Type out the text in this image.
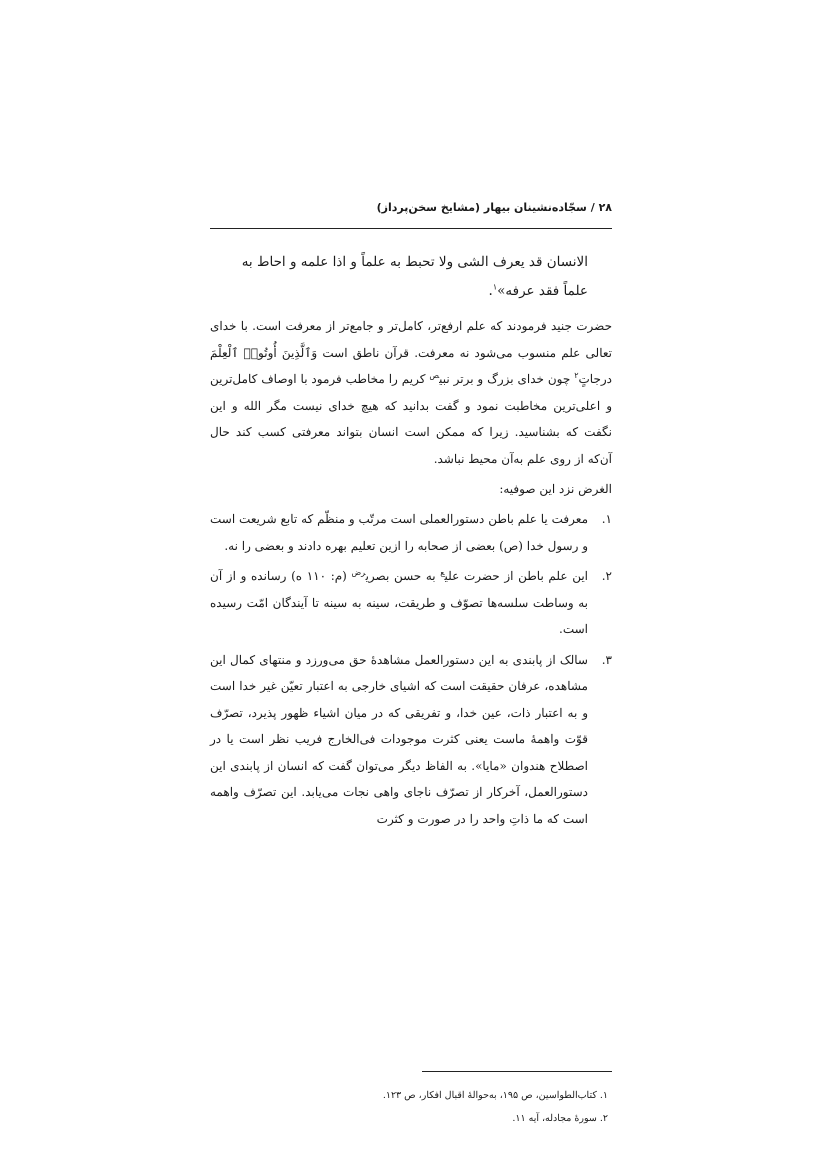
۲۸ / سجّاده‌نشینان بیهار (مشایخ سخن‌پرداز)

الانسان قد یعرف الشی ولا تحبط به علماً و اذا علمه و احاط به

علماً فقد عرفه»$^۱$.

حضرت جنید فرمودند که علم ارفع‌تر، کامل‌تر و جامع‌تر از معرفت است. با خدای تعالی علم منسوب می‌شود نه معرفت. قرآن ناطق است وَٱلَّذِینَ أُوتُوا۟ ٱلْعِلْمَ درجاتٍ$^۲$ چون خدای بزرگ و برتر نبی$^ص$ کریم را مخاطب فرمود با اوصاف کامل‌ترین و اعلی‌ترین مخاطبت نمود و گفت بدانید که هیچ خدای نیست مگر الله و این نگفت که بشناسید. زیرا که ممکن است انسان بتواند معرفتی کسب کند حال آن‌که از روی علم به‌آن محیط نباشد.

الغرض نزد این صوفیه:

۱.
معرفت یا علم باطن دستورالعملی است مرتّب و منظّم که تابع شریعت است و رسول خدا (ص) بعضی از صحابه را ازین تعلیم بهره دادند و بعضی را نه.
۲.
این علم باطن از حضرت علی$^ع$ به حسن بصری$^{رض}$ (م: ۱۱۰ ه) رسانده و از آن به وساطت سلسه‌ها تصوّف و طریقت، سینه به سینه تا آیندگان امّت رسیده است.
۳.
سالک از پابندی به این دستورالعمل مشاهدهٔ حق می‌ورزد و منتهای کمال این مشاهده، عرفان حقیقت است که اشیای خارجی به اعتبار تعیّن غیر خدا است و به اعتبار ذات، عین خدا، و تفریقی که در میان اشیاء ظهور پذیرد، تصرّف قوّت واهمهٔ ماست یعنی کثرت موجودات فی‌الخارج فریب نظر است یا در اصطلاح هندوان «مایا». به الفاظ دیگر می‌توان گفت که انسان از پابندی این دستورالعمل، آخرکار از تصرّف ناجای واهی نجات می‌یابد. این تصرّف واهمه است که ما ذاتِ واحد را در صورت و کثرت
۱. کتاب‌الطواسین، ص ۱۹۵، به‌حوالهٔ اقبال افکار، ص ۱۲۳.
۲. سورهٔ مجادله، آیه ۱۱.
